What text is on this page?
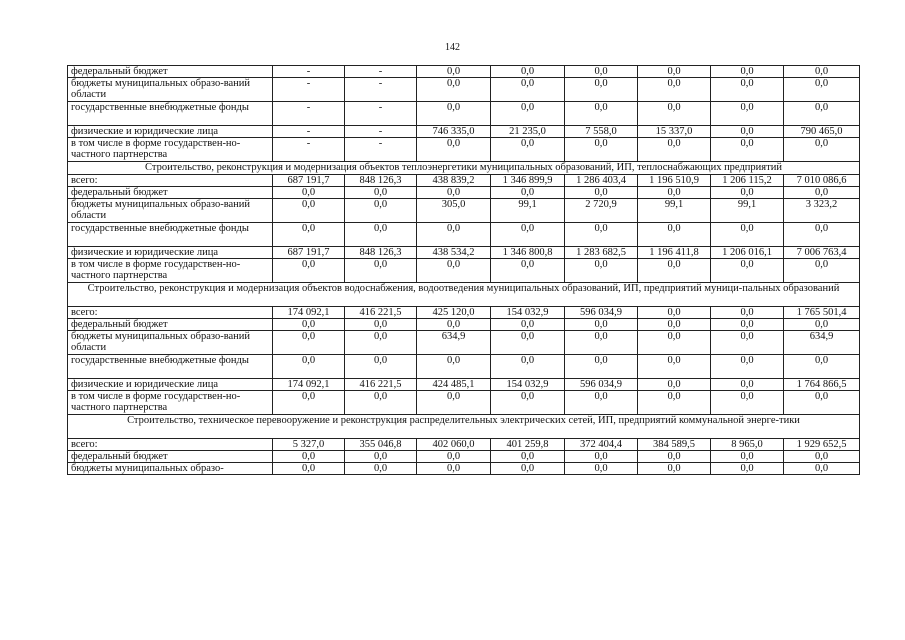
142
федеральный бюджет	-	-	0,0	0,0	0,0	0,0	0,0	0,0
бюджеты муниципальных образо-ваний области	-	-	0,0	0,0	0,0	0,0	0,0	0,0
государственные внебюджетные фонды	-	-	0,0	0,0	0,0	0,0	0,0	0,0
физические и юридические лица	-	-	746 335,0	21 235,0	7 558,0	15 337,0	0,0	790 465,0
в том числе в форме государствен-но-частного партнерства	-	-	0,0	0,0	0,0	0,0	0,0	0,0
Строительство, реконструкция и модернизация объектов теплоэнергетики муниципальных образований, ИП, теплоснабжающих предприятий								
всего:	687 191,7	848 126,3	438 839,2	1 346 899,9	1 286 403,4	1 196 510,9	1 206 115,2	7 010 086,6
федеральный бюджет	0,0	0,0	0,0	0,0	0,0	0,0	0,0	0,0
бюджеты муниципальных образо-ваний области	0,0	0,0	305,0	99,1	2 720,9	99,1	99,1	3 323,2
государственные внебюджетные фонды	0,0	0,0	0,0	0,0	0,0	0,0	0,0	0,0
физические и юридические лица	687 191,7	848 126,3	438 534,2	1 346 800,8	1 283 682,5	1 196 411,8	1 206 016,1	7 006 763,4
в том числе в форме государствен-но-частного партнерства	0,0	0,0	0,0	0,0	0,0	0,0	0,0	0,0
Строительство, реконструкция и модернизация объектов водоснабжения, водоотведения муниципальных образований, ИП, предприятий муници-пальных образований								
всего:	174 092,1	416 221,5	425 120,0	154 032,9	596 034,9	0,0	0,0	1 765 501,4
федеральный бюджет	0,0	0,0	0,0	0,0	0,0	0,0	0,0	0,0
бюджеты муниципальных образо-ваний области	0,0	0,0	634,9	0,0	0,0	0,0	0,0	634,9
государственные внебюджетные фонды	0,0	0,0	0,0	0,0	0,0	0,0	0,0	0,0
физические и юридические лица	174 092,1	416 221,5	424 485,1	154 032,9	596 034,9	0,0	0,0	1 764 866,5
в том числе в форме государствен-но-частного партнерства	0,0	0,0	0,0	0,0	0,0	0,0	0,0	0,0
Строительство, техническое перевооружение и реконструкция распределительных электрических сетей, ИП, предприятий коммунальной энерге-тики								
всего:	5 327,0	355 046,8	402 060,0	401 259,8	372 404,4	384 589,5	8 965,0	1 929 652,5
федеральный бюджет	0,0	0,0	0,0	0,0	0,0	0,0	0,0	0,0
бюджеты муниципальных образо-	0,0	0,0	0,0	0,0	0,0	0,0	0,0	0,0
